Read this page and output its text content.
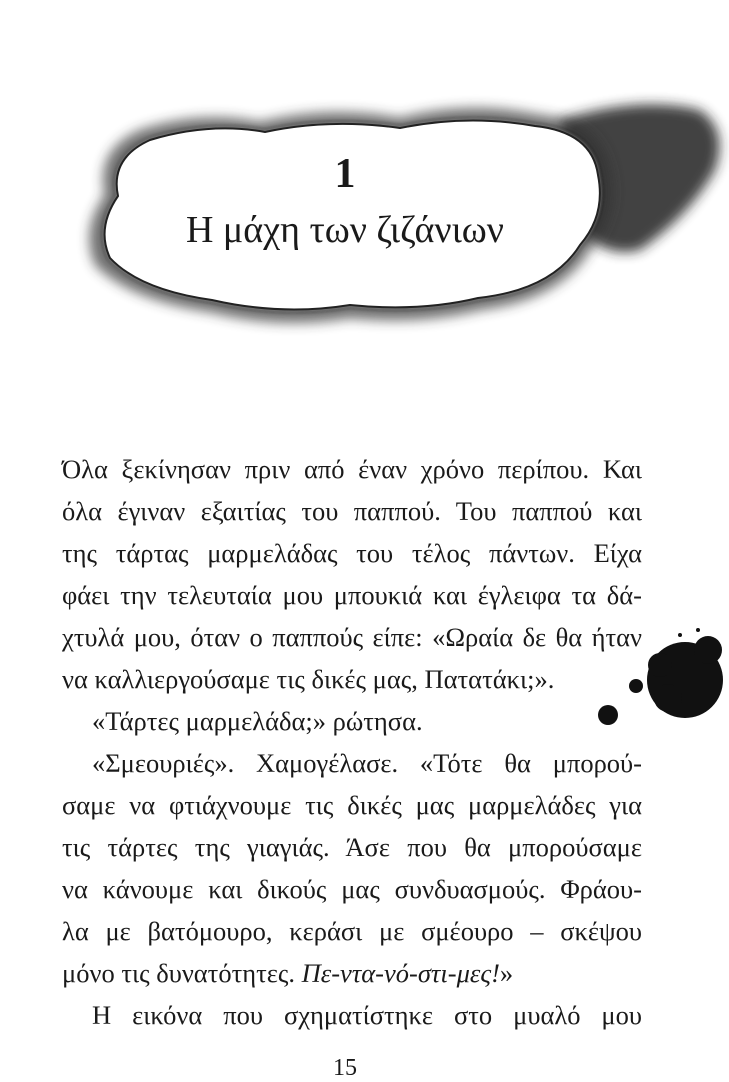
1
Η μάχη των ζιζάνιων
Όλα ξεκίνησαν πριν από έναν χρόνο περίπου. Και
όλα έγιναν εξαιτίας του παππού. Του παππού και
της τάρτας μαρμελάδας του τέλος πάντων. Είχα
φάει την τελευταία μου μπουκιά και έγλειφα τα δά-
χτυλά μου, όταν ο παππούς είπε: «Ωραία δε θα ήταν
να καλλιεργούσαμε τις δικές μας, Πατατάκι;».
«Τάρτες μαρμελάδα;» ρώτησα.
«Σμεουριές». Χαμογέλασε. «Τότε θα μπορού-
σαμε να φτιάχνουμε τις δικές μας μαρμελάδες για
τις τάρτες της γιαγιάς. Άσε που θα μπορούσαμε
να κάνουμε και δικούς μας συνδυασμούς. Φράου-
λα με βατόμουρο, κεράσι με σμέουρο – σκέψου
μόνο τις δυνατότητες. Πε-ντα-νό-στι-μες!»
Η εικόνα που σχηματίστηκε στο μυαλό μου
15
